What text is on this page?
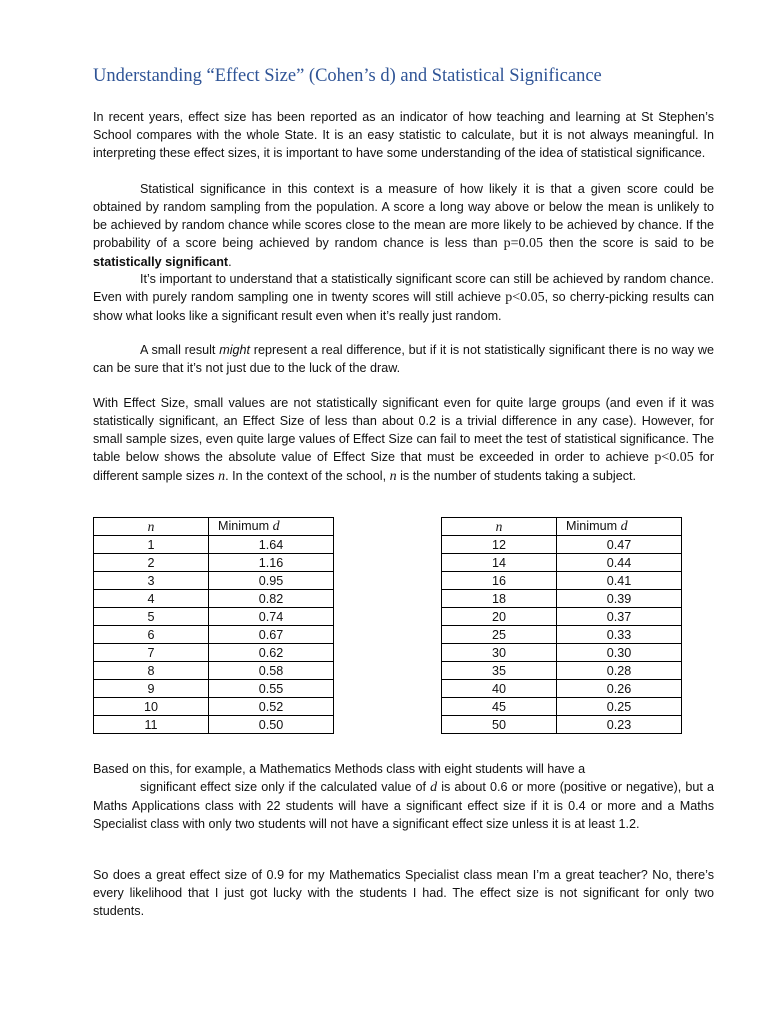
Understanding “Effect Size” (Cohen’s d) and Statistical Significance

In recent years, effect size has been reported as an indicator of how teaching and learning at St Stephen’s School compares with the whole State. It is an easy statistic to calculate, but it is not always meaningful. In interpreting these effect sizes, it is important to have some understanding of the idea of statistical significance.

Statistical significance in this context is a measure of how likely it is that a given score could be obtained by random sampling from the population. A score a long way above or below the mean is unlikely to be achieved by random chance while scores close to the mean are more likely to be achieved by chance. If the probability of a score being achieved by random chance is less than p=0.05 then the score is said to be statistically significant.

It’s important to understand that a statistically significant score can still be achieved by random chance. Even with purely random sampling one in twenty scores will still achieve p<0.05, so cherry-picking results can show what looks like a significant result even when it’s really just random.

A small result might represent a real difference, but if it is not statistically significant there is no way we can be sure that it’s not just due to the luck of the draw.

With Effect Size, small values are not statistically significant even for quite large groups (and even if it was statistically significant, an Effect Size of less than about 0.2 is a trivial difference in any case). However, for small sample sizes, even quite large values of Effect Size can fail to meet the test of statistical significance. The table below shows the absolute value of Effect Size that must be exceeded in order to achieve p<0.05 for different sample sizes n. In the context of the school, n is the number of students taking a subject.

n	Minimum d
1	1.64
2	1.16
3	0.95
4	0.82
5	0.74
6	0.67
7	0.62
8	0.58
9	0.55
10	0.52
11	0.50
n	Minimum d
12	0.47
14	0.44
16	0.41
18	0.39
20	0.37
25	0.33
30	0.30
35	0.28
40	0.26
45	0.25
50	0.23
Based on this, for example, a Mathematics Methods class with eight students will have a
significant effect size only if the calculated value of d is about 0.6 or more (positive or negative), but a Maths Applications class with 22 students will have a significant effect size if it is 0.4 or more and a Maths Specialist class with only two students will not have a significant effect size unless it is at least 1.2.

So does a great effect size of 0.9 for my Mathematics Specialist class mean I’m a great teacher? No, there’s every likelihood that I just got lucky with the students I had. The effect size is not significant for only two students.
